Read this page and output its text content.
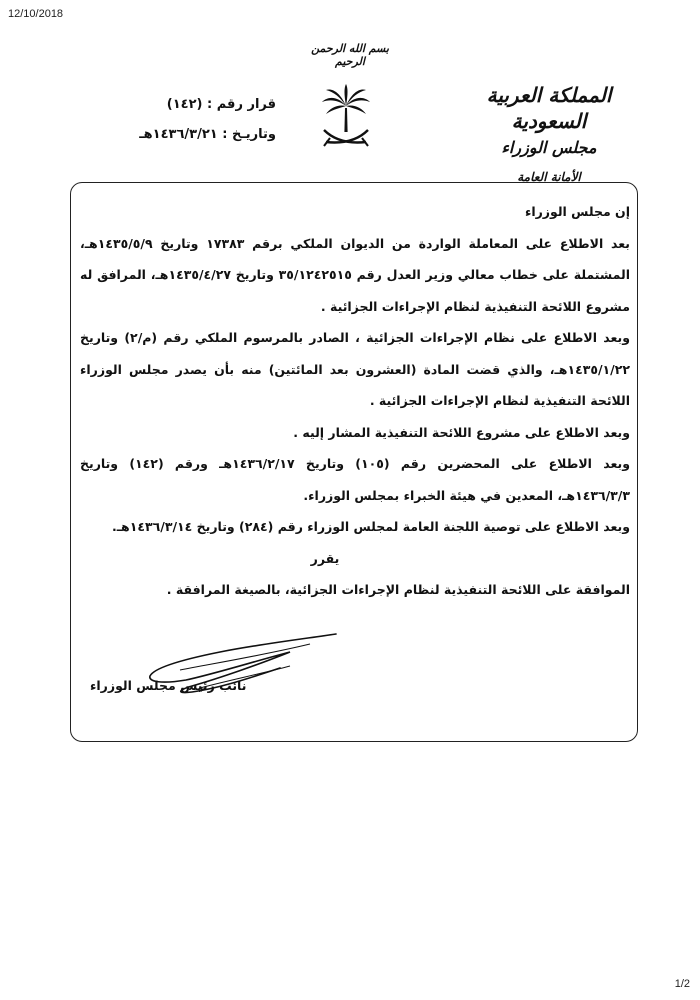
12/10/2018
بسم الله الرحمن الرحيم
المملكة العربية السعودية
مجلس الوزراء
الأمانة العامة
قرار رقم : (١٤٢)
وتاريـخ : ١٤٣٦/٣/٢١هـ

إن مجلس الوزراء

بعد الاطلاع على المعاملة الواردة من الديوان الملكي برقم ١٧٣٨٣ وتاريخ ١٤٣٥/٥/٩هـ، المشتملة على خطاب معالي وزير العدل رقم ٣٥/١٢٤٢٥١٥ وتاريخ ١٤٣٥/٤/٢٧هـ، المرافق له مشروع اللائحة التنفيذية لنظام الإجراءات الجزائية .

وبعد الاطلاع على نظام الإجراءات الجزائية ، الصادر بالمرسوم الملكي رقم (م/٢) وتاريخ ١٤٣٥/١/٢٢هـ، والذي قضت المادة (العشرون بعد المائتين) منه بأن يصدر مجلس الوزراء اللائحة التنفيذية لنظام الإجراءات الجزائية .

وبعد الاطلاع على مشروع اللائحة التنفيذية المشار إليه .

وبعد الاطلاع على المحضرين رقم (١٠٥) وتاريخ ١٤٣٦/٢/١٧هـ ورقم (١٤٢) وتاريخ ١٤٣٦/٣/٣هـ، المعدين في هيئة الخبراء بمجلس الوزراء.

وبعد الاطلاع على توصية اللجنة العامة لمجلس الوزراء رقم (٢٨٤) وتاريخ ١٤٣٦/٣/١٤هـ.

يقرر

الموافقة على اللائحة التنفيذية لنظام الإجراءات الجزائية، بالصيغة المرافقة .

نائب رئيس مجلس الوزراء
1/2
